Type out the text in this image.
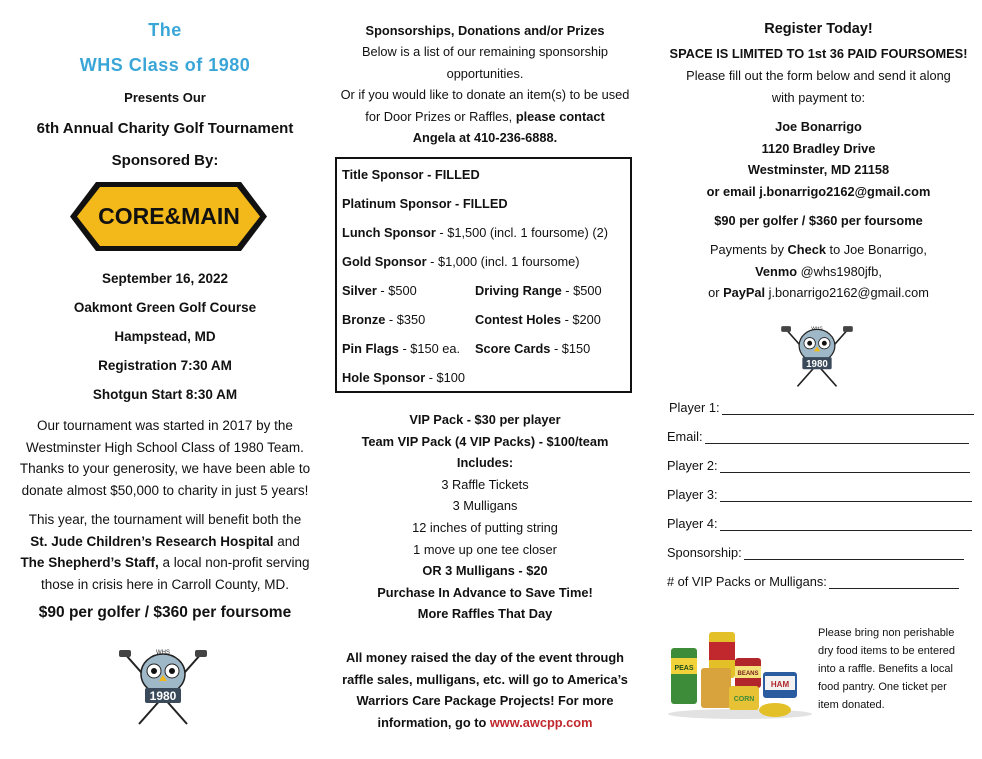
The
WHS Class of 1980
Presents Our
6th Annual Charity Golf Tournament
Sponsored By:
CORE&MAIN
September 16, 2022
Oakmont Green Golf Course
Hampstead, MD
Registration 7:30 AM
Shotgun Start 8:30 AM
Our tournament was started in 2017 by the
Westminster High School Class of 1980 Team.
Thanks to your generosity, we have been able to
donate almost $50,000 to charity in just 5 years!
This year, the tournament will benefit both the
St. Jude Children’s Research Hospital and
The Shepherd’s Staff, a local non-profit serving
those in crisis here in Carroll County, MD.
$90 per golfer / $360 per foursome
WHS
1980
Sponsorships, Donations and/or Prizes
Below is a list of our remaining sponsorship
opportunities.
Or if you would like to donate an item(s) to be used
for Door Prizes or Raffles, please contact
Angela at 410-236-6888.
Title Sponsor - FILLED
Platinum Sponsor - FILLED
Lunch Sponsor - $1,500 (incl. 1 foursome) (2)
Gold Sponsor - $1,000 (incl. 1 foursome)
Silver - $500	Driving Range - $500
Bronze - $350	Contest Holes - $200
Pin Flags - $150 ea. Score Cards - $150
Hole Sponsor - $100
VIP Pack - $30 per player
Team VIP Pack (4 VIP Packs) - $100/team
Includes:
3 Raffle Tickets
3 Mulligans
12 inches of putting string
1 move up one tee closer
OR 3 Mulligans - $20
Purchase In Advance to Save Time!
More Raffles That Day
All money raised the day of the event through
raffle sales, mulligans, etc. will go to America’s
Warriors Care Package Projects! For more
information, go to www.awcpp.com
Register Today!
SPACE IS LIMITED TO 1st 36 PAID FOURSOMES!
Please fill out the form below and send it along
with payment to:
Joe Bonarrigo
1120 Bradley Drive
Westminster, MD 21158
or email j.bonarrigo2162@gmail.com
$90 per golfer / $360 per foursome
Payments by Check to Joe Bonarrigo,
Venmo @whs1980jfb,
or PayPal j.bonarrigo2162@gmail.com
WHS
1980
Player 1:
Email:
Player 2:
Player 3:
Player 4:
Sponsorship:
# of VIP Packs or Mulligans:
PEAS
BEANS
CORN
HAM
Please bring non perishable
dry food items to be entered
into a raffle. Benefits a local
food pantry. One ticket per
item donated.
